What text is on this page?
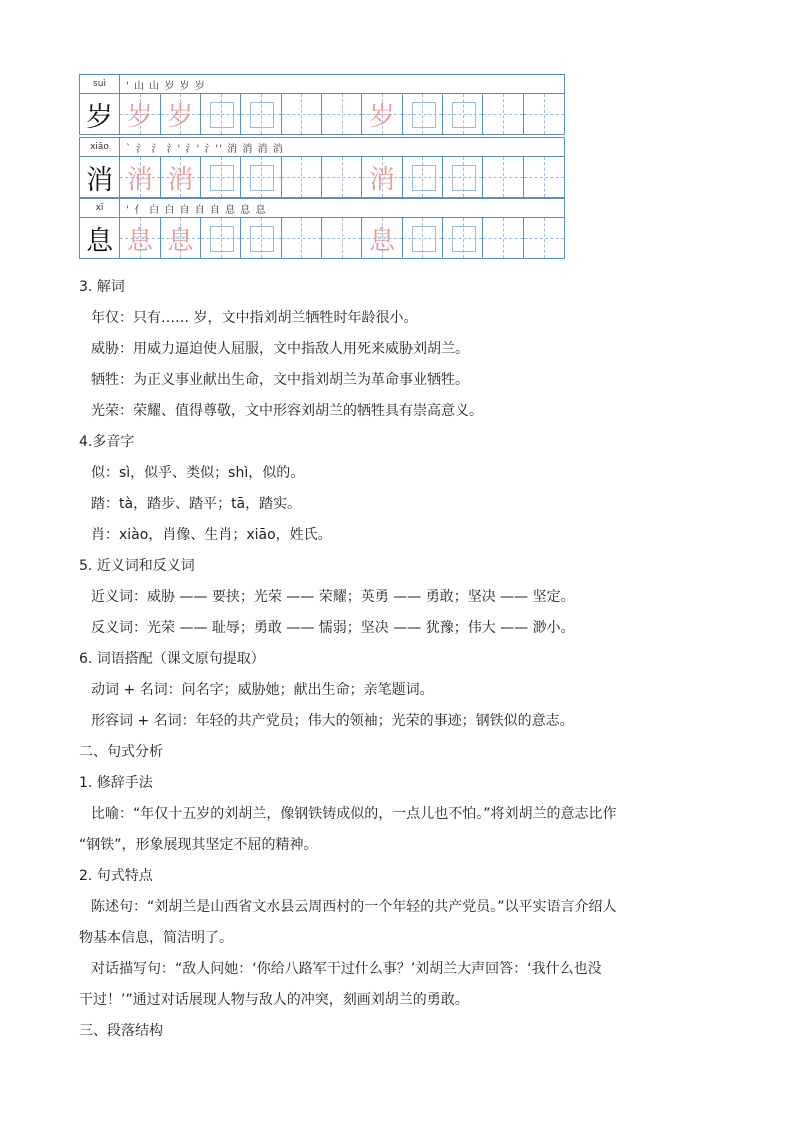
suì	' 山 山 岁 岁 岁
岁 岁 岁	岁
xiāo	` 氵 氵 氵' 氵' 氵'' 消 消 消 消
消 消 消	消
xī	' 亻 白 白 自 自 自 息 息 息
息 息 息	息
3. 解词
年仅：只有…… 岁，文中指刘胡兰牺牲时年龄很小。
威胁：用威力逼迫使人屈服，文中指敌人用死来威胁刘胡兰。
牺牲：为正义事业献出生命，文中指刘胡兰为革命事业牺牲。
光荣：荣耀、值得尊敬，文中形容刘胡兰的牺牲具有崇高意义。
4.多音字
似：sì，似乎、类似；shì，似的。
踏：tà，踏步、踏平；tā，踏实。
肖：xiào，肖像、生肖；xiāo，姓氏。
5. 近义词和反义词
近义词：威胁 —— 要挟；光荣 —— 荣耀；英勇 —— 勇敢；坚决 —— 坚定。
反义词：光荣 —— 耻辱；勇敢 —— 懦弱；坚决 —— 犹豫；伟大 —— 渺小。
6. 词语搭配（课文原句提取）
动词 + 名词：问名字；威胁她；献出生命；亲笔题词。
形容词 + 名词：年轻的共产党员；伟大的领袖；光荣的事迹；钢铁似的意志。
二、句式分析
1. 修辞手法
比喻：“年仅十五岁的刘胡兰，像钢铁铸成似的，一点儿也不怕。”将刘胡兰的意志比作
“钢铁”，形象展现其坚定不屈的精神。
2. 句式特点
陈述句：“刘胡兰是山西省文水县云周西村的一个年轻的共产党员。”以平实语言介绍人
物基本信息，简洁明了。
对话描写句：“敌人问她：‘你给八路军干过什么事？’刘胡兰大声回答：‘我什么也没
干过！’”通过对话展现人物与敌人的冲突，刻画刘胡兰的勇敢。
三、段落结构
